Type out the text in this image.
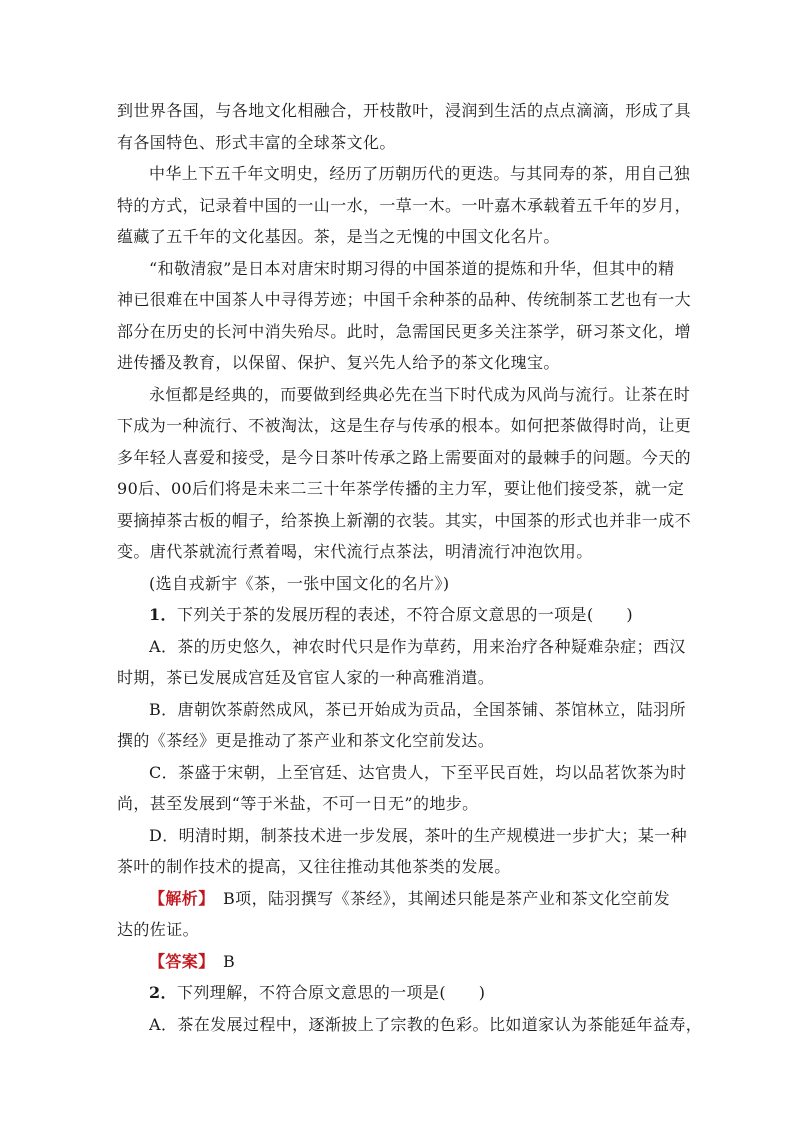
到世界各国，与各地文化相融合，开枝散叶，浸润到生活的点点滴滴，形成了具
有各国特色、形式丰富的全球茶文化。
中华上下五千年文明史，经历了历朝历代的更迭。与其同寿的茶，用自己独
特的方式，记录着中国的一山一水，一草一木。一叶嘉木承载着五千年的岁月，
蕴藏了五千年的文化基因。茶，是当之无愧的中国文化名片。
“和敬清寂”是日本对唐宋时期习得的中国茶道的提炼和升华，但其中的精
神已很难在中国茶人中寻得芳迹；中国千余种茶的品种、传统制茶工艺也有一大
部分在历史的长河中消失殆尽。此时，急需国民更多关注茶学，研习茶文化，增
进传播及教育，以保留、保护、复兴先人给予的茶文化瑰宝。
永恒都是经典的，而要做到经典必先在当下时代成为风尚与流行。让茶在时
下成为一种流行、不被淘汰，这是生存与传承的根本。如何把茶做得时尚，让更
多年轻人喜爱和接受，是今日茶叶传承之路上需要面对的最棘手的问题。今天的
90后、00后们将是未来二三十年茶学传播的主力军，要让他们接受茶，就一定
要摘掉茶古板的帽子，给茶换上新潮的衣装。其实，中国茶的形式也并非一成不
变。唐代茶就流行煮着喝，宋代流行点茶法，明清流行冲泡饮用。
(选自戎新宇《茶，一张中国文化的名片》)
1．下列关于茶的发展历程的表述，不符合原文意思的一项是(　　)
A．茶的历史悠久，神农时代只是作为草药，用来治疗各种疑难杂症；西汉
时期，茶已发展成宫廷及官宦人家的一种高雅消遣。
B．唐朝饮茶蔚然成风，茶已开始成为贡品，全国茶铺、茶馆林立，陆羽所
撰的《茶经》更是推动了茶产业和茶文化空前发达。
C．茶盛于宋朝，上至官廷、达官贵人，下至平民百姓，均以品茗饮茶为时
尚，甚至发展到“等于米盐，不可一日无”的地步。
D．明清时期，制茶技术进一步发展，茶叶的生产规模进一步扩大；某一种
茶叶的制作技术的提高，又往往推动其他茶类的发展。
【解析】　B项，陆羽撰写《茶经》，其阐述只能是茶产业和茶文化空前发
达的佐证。
【答案】　B
2．下列理解，不符合原文意思的一项是(　　)
A．茶在发展过程中，逐渐披上了宗教的色彩。比如道家认为茶能延年益寿，
